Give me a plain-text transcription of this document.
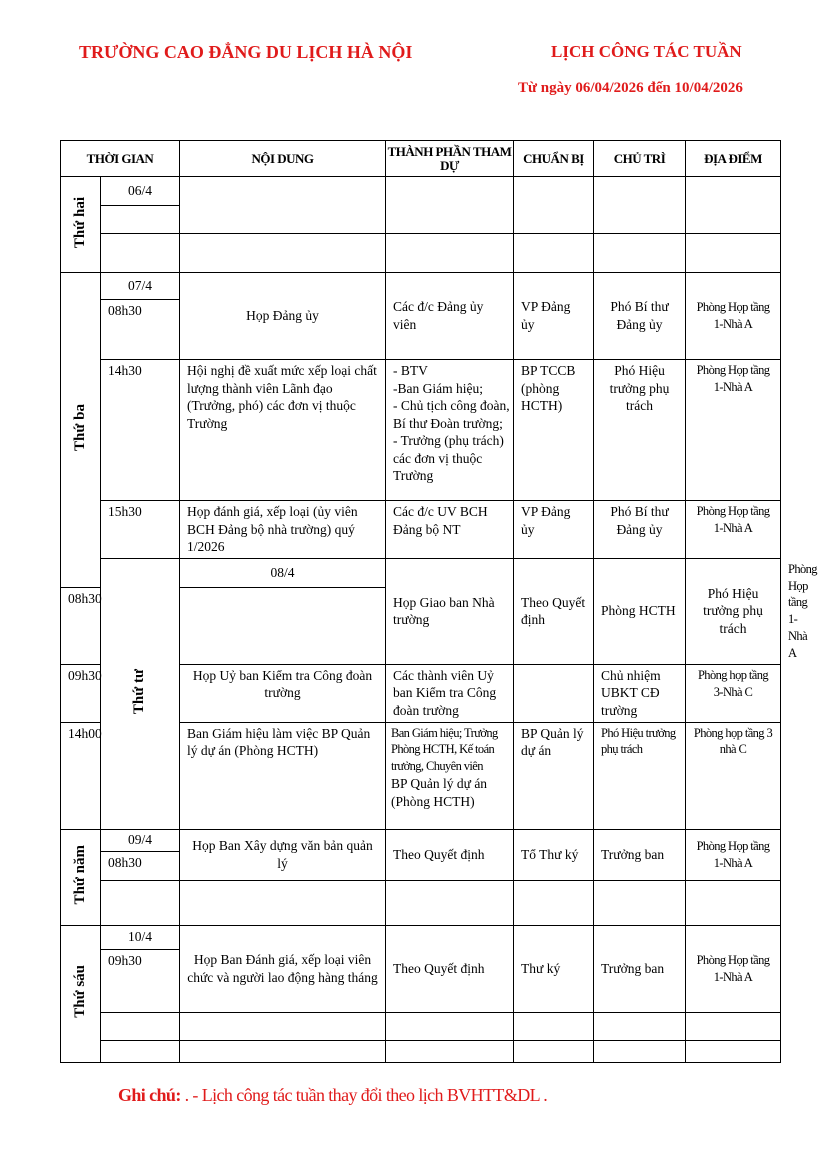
TRƯỜNG CAO ĐẲNG DU LỊCH HÀ NỘI	LỊCH CÔNG TÁC TUẦN
Từ ngày 06/04/2026 đến 10/04/2026
THỜI GIAN		NỘI DUNG	THÀNH PHẦN THAM DỰ	CHUẨN BỊ	CHỦ TRÌ	ĐỊA ĐIỂM	
Thứ hai	06/4						

Thứ ba	07/4	Họp Đảng ủy	Các đ/c Đảng ủy viên	VP Đảng ủy	Phó Bí thư Đảng ủy	Phòng Họp tầng 1-Nhà A	
	08h30						
	14h30	Hội nghị đề xuất mức xếp loại chất lượng thành viên Lãnh đạo (Trưởng, phó) các đơn vị thuộc Trường	- BTV
-Ban Giám hiệu;
- Chủ tịch công đoàn, Bí thư Đoàn trường;
- Trưởng (phụ trách) các đơn vị thuộc Trường	BP TCCB (phòng HCTH)	Phó Hiệu trưởng phụ trách	Phòng Họp tầng 1-Nhà A	
	15h30	Họp đánh giá, xếp loại (ủy viên BCH Đảng bộ nhà trường) quý 1/2026	Các đ/c UV BCH Đảng bộ NT	VP Đảng ủy	Phó Bí thư Đảng ủy	Phòng Họp tầng 1-Nhà A	
	Thứ tư	08/4	Họp Giao ban Nhà trường	Theo Quyết định	Phòng HCTH	Phó Hiệu trưởng phụ trách	Phòng Họp tầng 1-Nhà A
08h30							
09h30		Họp Uỷ ban Kiểm tra Công đoàn trường	Các thành viên Uỷ ban Kiểm tra Công đoàn trường		Chủ nhiệm UBKT CĐ trường	Phòng họp tầng 3-Nhà C	
14h00		Ban Giám hiệu làm việc BP Quản lý dự án (Phòng HCTH)	Ban Giám hiệu; Trưởng Phòng HCTH, Kế toán trưởng, Chuyên viên
BP Quản lý dự án (Phòng HCTH)	BP Quản lý dự án	Phó Hiệu trưởng phụ trách	Phòng họp tầng 3 nhà C	
Thứ năm	09/4	Họp Ban Xây dựng văn bản quản lý	Theo Quyết định	Tổ Thư ký	Trưởng ban	Phòng Họp tầng 1-Nhà A	
	08h30						

Thứ sáu	10/4	Họp Ban Đánh giá, xếp loại viên chức và người lao động hàng tháng	Theo Quyết định	Thư ký	Trưởng ban	Phòng Họp tầng 1-Nhà A	
	09h30						

Ghi chú: . - Lịch công tác tuần thay đổi theo lịch BVHTT&DL .
